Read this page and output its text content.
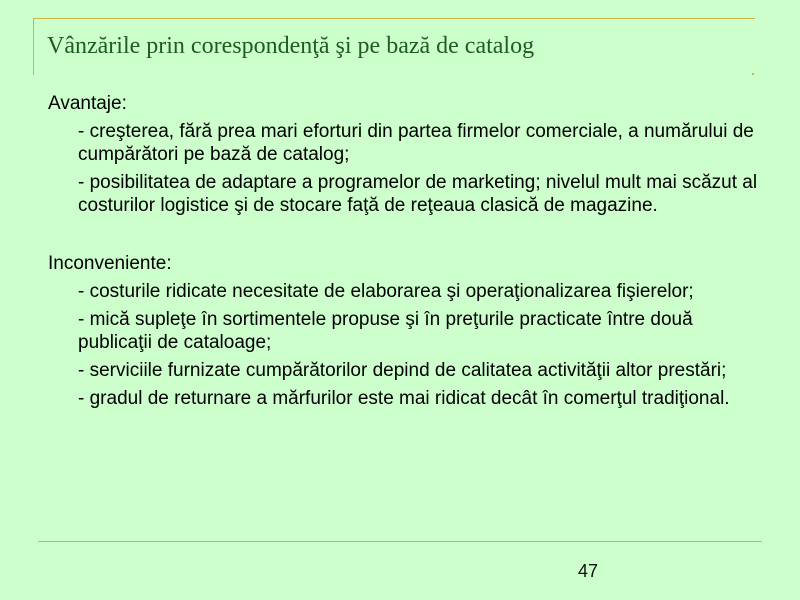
Vânzările prin corespondenţă şi pe bază de catalog

Avantaje:

- creşterea, fără prea mari eforturi din partea firmelor comerciale, a numărului de cumpărători pe bază de catalog;

- posibilitatea de adaptare a programelor de marketing; nivelul mult mai scăzut al costurilor logistice şi de stocare faţă de reţeaua clasică de magazine.

Inconveniente:

- costurile ridicate necesitate de elaborarea şi operaţionalizarea fişierelor;

- mică supleţe în sortimentele propuse şi în preţurile practicate între două publicaţii de cataloage;

- serviciile furnizate cumpărătorilor depind de calitatea activităţii altor prestări;

- gradul de returnare a mărfurilor este mai ridicat decât în comerţul tradiţional.

47
